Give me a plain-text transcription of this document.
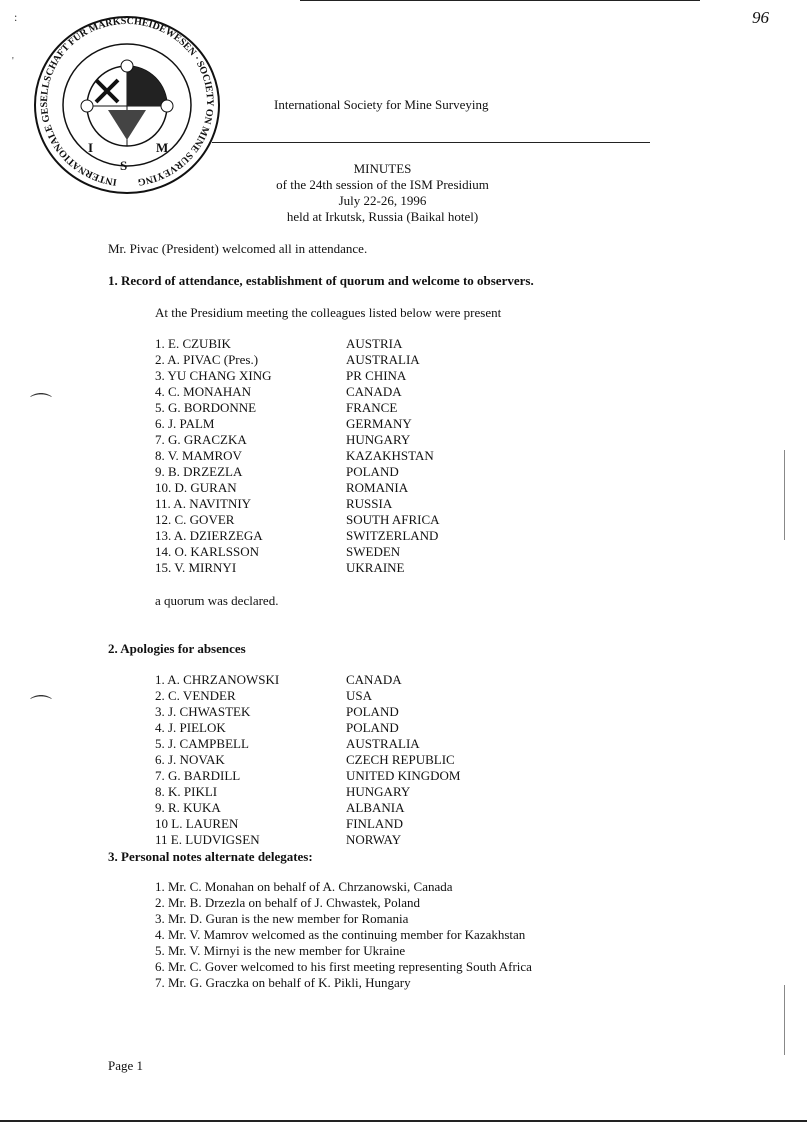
96
:
'
⌒
⌒
INTERNATIONALE GESELLSCHAFT FÜR MARKSCHEIDEWESEN · SOCIETY ON MINE SURVEYING
I
S
M
International Society for Mine Surveying
MINUTES
of the 24th session of the ISM Presidium
July 22-26, 1996
held at Irkutsk, Russia (Baikal hotel)
Mr. Pivac (President) welcomed all in attendance.
1. Record of attendance, establishment of quorum and welcome to observers.
At the Presidium meeting the colleagues listed below were present
1. E. CZUBIK	AUSTRIA
2. A. PIVAC (Pres.)	AUSTRALIA
3. YU CHANG XING	PR CHINA
4. C. MONAHAN	CANADA
5. G. BORDONNE	FRANCE
6. J. PALM	GERMANY
7. G. GRACZKA	HUNGARY
8. V. MAMROV	KAZAKHSTAN
9. B. DRZEZLA	POLAND
10. D. GURAN	ROMANIA
11. A. NAVITNIY	RUSSIA
12. C. GOVER	SOUTH AFRICA
13. A. DZIERZEGA	SWITZERLAND
14. O. KARLSSON	SWEDEN
15. V. MIRNYI	UKRAINE
a quorum was declared.
2. Apologies for absences
1. A. CHRZANOWSKI	CANADA
2. C. VENDER	USA
3. J. CHWASTEK	POLAND
4. J. PIELOK	POLAND
5. J. CAMPBELL	AUSTRALIA
6. J. NOVAK	CZECH REPUBLIC
7. G. BARDILL	UNITED KINGDOM
8. K. PIKLI	HUNGARY
9. R. KUKA	ALBANIA
10 L. LAUREN	FINLAND
11 E. LUDVIGSEN	NORWAY
3. Personal notes alternate delegates:
1. Mr. C. Monahan on behalf of A. Chrzanowski, Canada
2. Mr. B. Drzezla on behalf of J. Chwastek, Poland
3. Mr. D. Guran is the new member for Romania
4. Mr. V. Mamrov welcomed as the continuing member for Kazakhstan
5. Mr. V. Mirnyi is the new member for Ukraine
6. Mr. C. Gover welcomed to his first meeting representing South Africa
7. Mr. G. Graczka on behalf of K. Pikli, Hungary
Page 1
